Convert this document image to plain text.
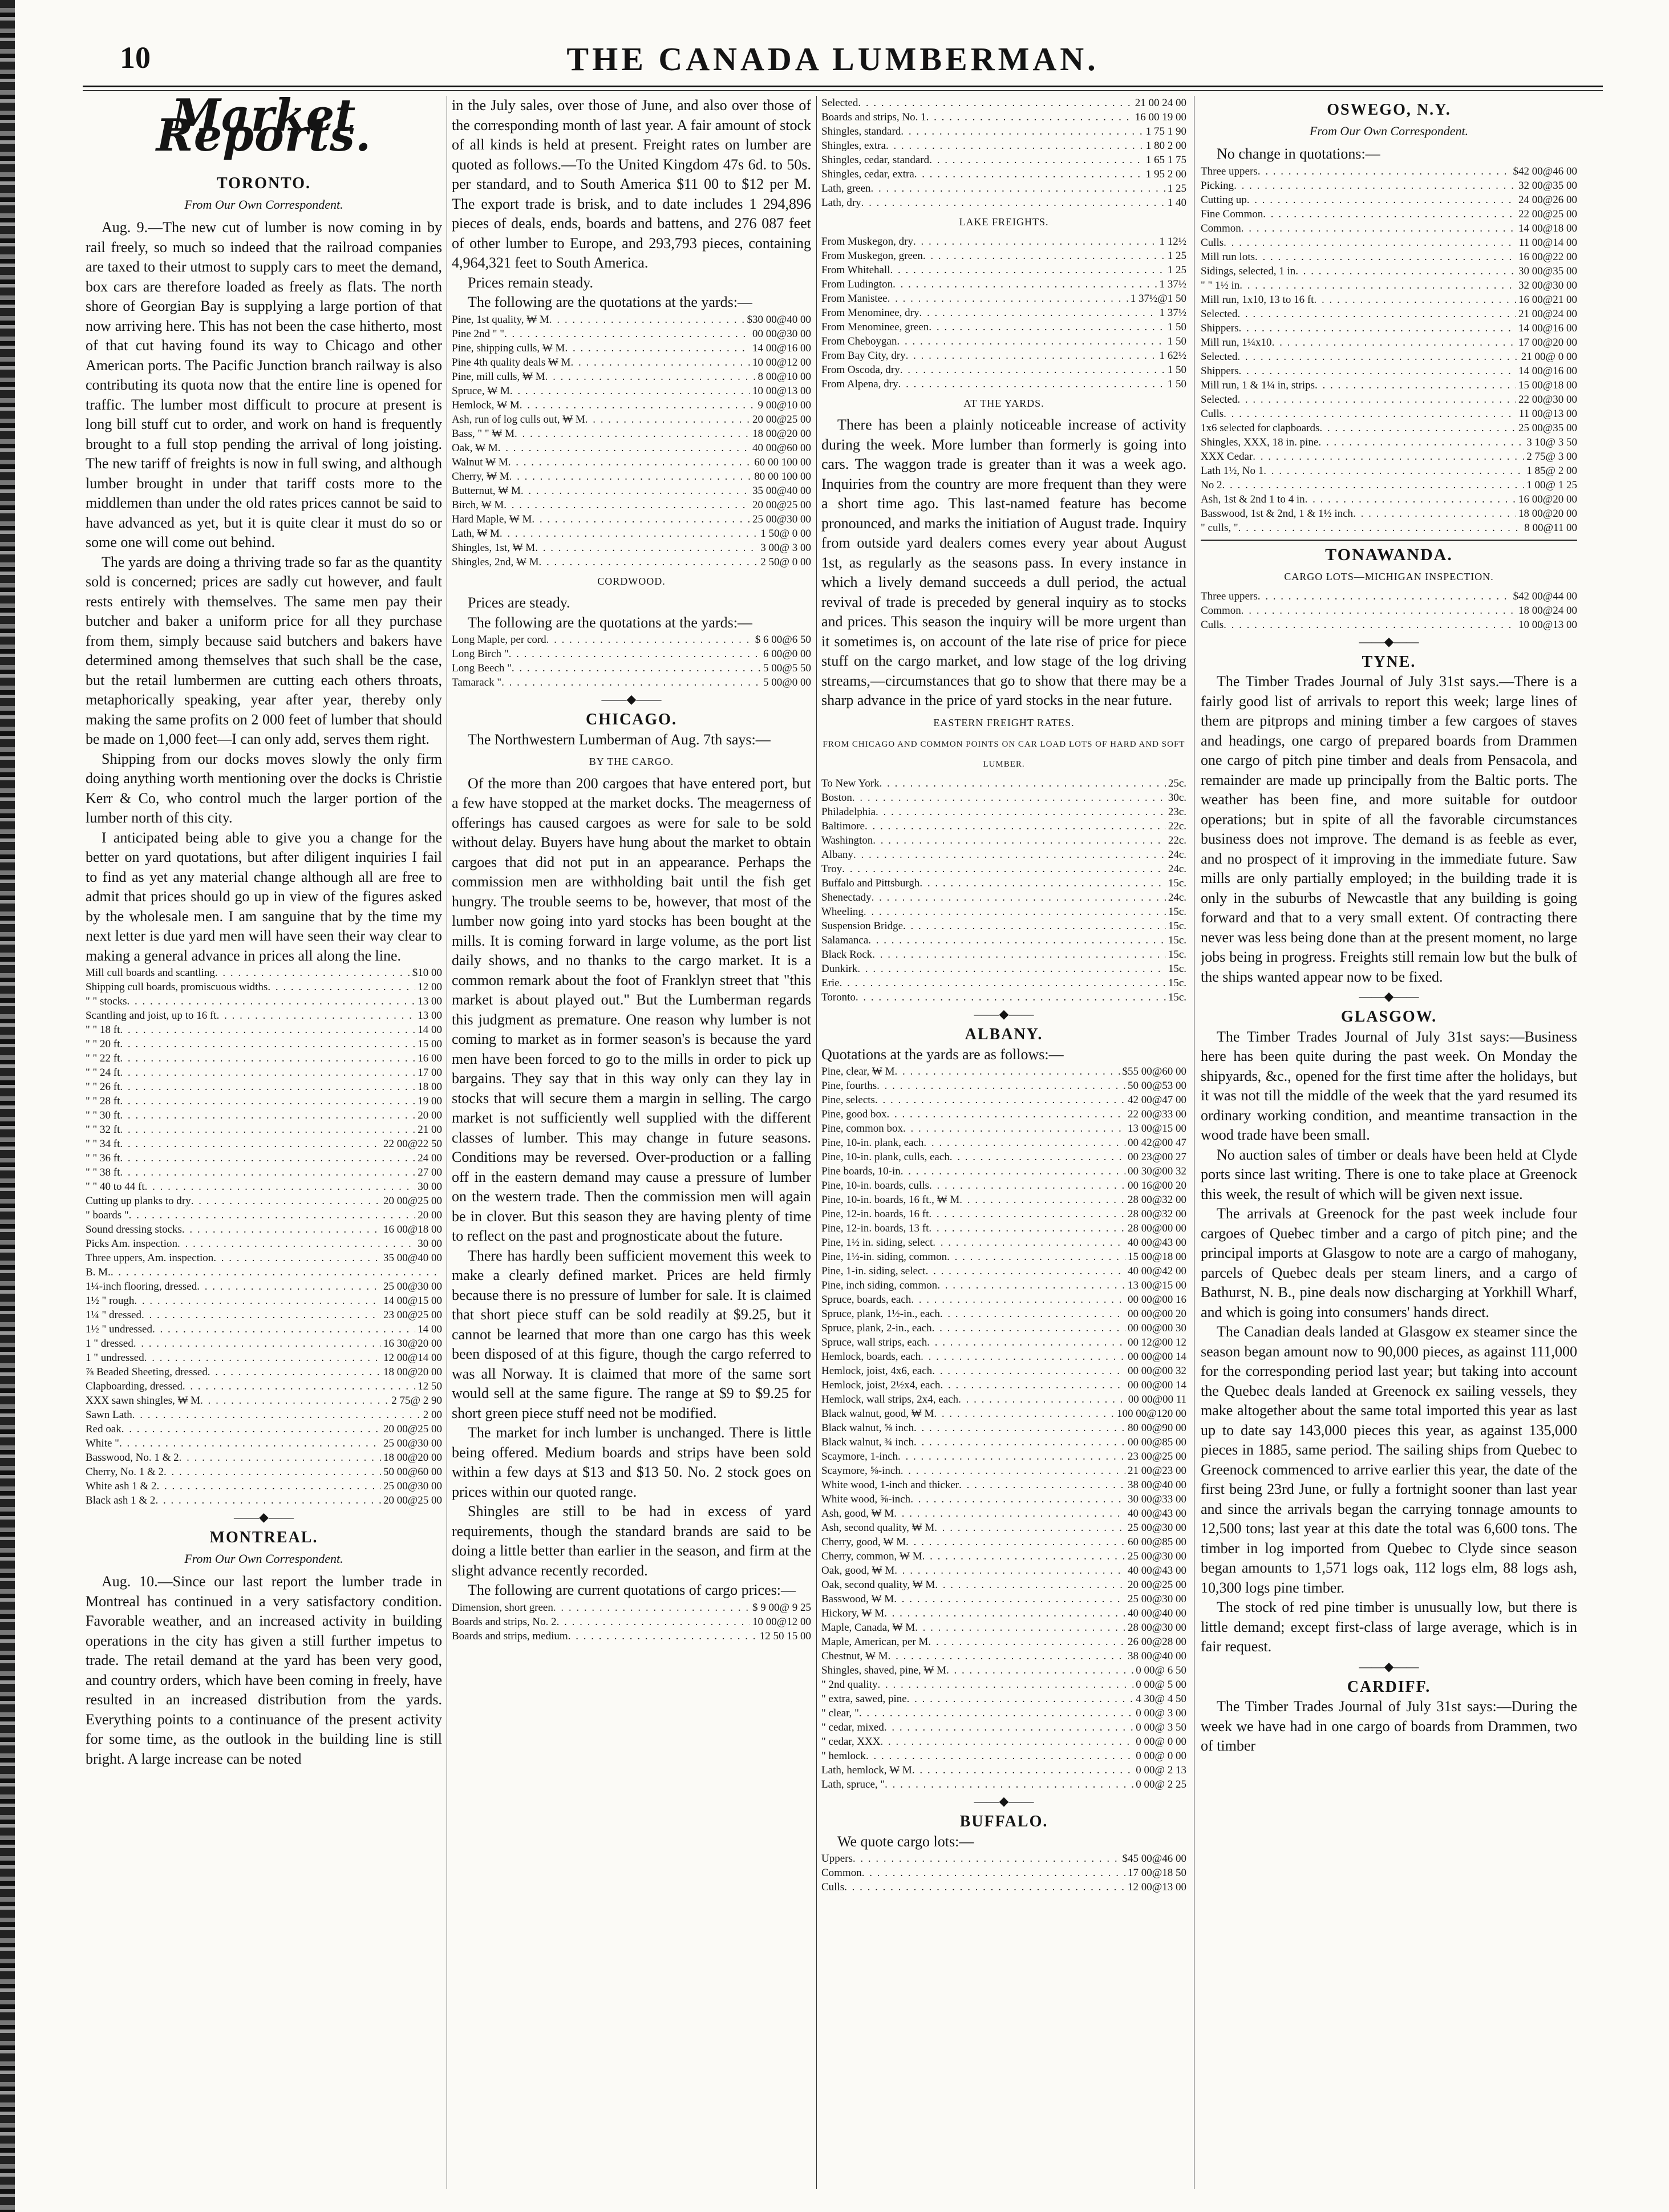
THE CANADA LUMBERMAN.
10
Market Reports.
TORONTO.
From Our Own Correspondent.

Aug. 9.—The new cut of lumber is now coming in by rail freely, so much so indeed that the railroad companies are taxed to their utmost to supply cars to meet the demand, box cars are therefore loaded as freely as flats. The north shore of Georgian Bay is supplying a large portion of that now arriving here. This has not been the case hitherto, most of that cut having found its way to Chicago and other American ports. The Pacific Junction branch railway is also contributing its quota now that the entire line is opened for traffic. The lumber most difficult to procure at present is long bill stuff cut to order, and work on hand is frequently brought to a full stop pending the arrival of long joisting. The new tariff of freights is now in full swing, and although lumber brought in under that tariff costs more to the middlemen than under the old rates prices cannot be said to have advanced as yet, but it is quite clear it must do so or some one will come out behind.

The yards are doing a thriving trade so far as the quantity sold is concerned; prices are sadly cut however, and fault rests entirely with themselves. The same men pay their butcher and baker a uniform price for all they purchase from them, simply because said butchers and bakers have determined among themselves that such shall be the case, but the retail lumbermen are cutting each others throats, metaphorically speaking, year after year, thereby only making the same profits on 2 000 feet of lumber that should be made on 1,000 feet—I can only add, serves them right.

Shipping from our docks moves slowly the only firm doing anything worth mentioning over the docks is Christie Kerr & Co, who control much the larger portion of the lumber north of this city.

I anticipated being able to give you a change for the better on yard quotations, but after diligent inquiries I fail to find as yet any material change although all are free to admit that prices should go up in view of the figures asked by the wholesale men. I am sanguine that by the time my next letter is due yard men will have seen their way clear to making a general advance in prices all along the line.

Mill cull boards and scantling . . .	$10 00
Shipping cull boards, promiscuous widths . . .	12 00
" " stocks . . .	13 00
Scantling and joist, up to 16 ft . . .	13 00
" " 18 ft . . .	14 00
" " 20 ft . . .	15 00
" " 22 ft . . .	16 00
" " 24 ft . . .	17 00
" " 26 ft . . .	18 00
" " 28 ft . . .	19 00
" " 30 ft . . .	20 00
" " 32 ft . . .	21 00
" " 34 ft . . .	22 00@22 50
" " 36 ft . . .	24 00
" " 38 ft . . .	27 00
" " 40 to 44 ft . . .	30 00
Cutting up planks to dry . . .	20 00@25 00
" boards " . . .	20 00
Sound dressing stocks . . .	16 00@18 00
Picks Am. inspection . . .	30 00
Three uppers, Am. inspection . . .	35 00@40 00
B. M.
. . .
1¼-inch flooring, dressed . . .	25 00@30 00
1½ " rough . . .	14 00@15 00
1¼ " dressed . . .	23 00@25 00
1½ " undressed . . .	14 00
1 " dressed . . .	16 30@20 00
1 " undressed . . .	12 00@14 00
⅞ Beaded Sheeting, dressed . . .	18 00@20 00
Clapboarding, dressed . . .	12 50
XXX sawn shingles, ₩ M . . .	2 75@ 2 90
Sawn Lath . . .	2 00
Red oak . . .	20 00@25 00
White " . . .	25 00@30 00
Basswood, No. 1 & 2 . . .	18 00@20 00
Cherry, No. 1 & 2 . . .	50 00@60 00
White ash 1 & 2 . . .	25 00@30 00
Black ash 1 & 2 . . .	20 00@25 00
——◆——
MONTREAL.
From Our Own Correspondent.

Aug. 10.—Since our last report the lumber trade in Montreal has continued in a very satisfactory condition. Favorable weather, and an increased activity in building operations in the city has given a still further impetus to trade. The retail demand at the yard has been very good, and country orders, which have been coming in freely, have resulted in an increased distribution from the yards. Everything points to a continuance of the present activity for some time, as the outlook in the building line is still bright. A large increase can be noted

in the July sales, over those of June, and also over those of the corresponding month of last year. A fair amount of stock of all kinds is held at present. Freight rates on lumber are quoted as follows.—To the United Kingdom 47s 6d. to 50s. per standard, and to South America $11 00 to $12 per M. The export trade is brisk, and to date includes 1 294,896 pieces of deals, ends, boards and battens, and 276 087 feet of other lumber to Europe, and 293,793 pieces, containing 4,964,321 feet to South America.

Prices remain steady.

The following are the quotations at the yards:—

Pine, 1st quality, ₩ M . . .	$30 00@40 00
Pine 2nd " " . . .	00 00@30 00
Pine, shipping culls, ₩ M . . .	14 00@16 00
Pine 4th quality deals ₩ M . . .	10 00@12 00
Pine, mill culls, ₩ M . . .	8 00@10 00
Spruce, ₩ M . . .	10 00@13 00
Hemlock, ₩ M . . .	9 00@10 00
Ash, run of log culls out, ₩ M . . .	20 00@25 00
Bass, " " ₩ M . . .	18 00@20 00
Oak, ₩ M . . .	40 00@60 00
Walnut ₩ M . . .	60 00 100 00
Cherry, ₩ M . . .	80 00 100 00
Butternut, ₩ M . . .	35 00@40 00
Birch, ₩ M . . .	20 00@25 00
Hard Maple, ₩ M . . .	25 00@30 00
Lath, ₩ M . . .	1 50@ 0 00
Shingles, 1st, ₩ M . . .	3 00@ 3 00
Shingles, 2nd, ₩ M . . .	2 50@ 0 00
CORDWOOD.

Prices are steady.

The following are the quotations at the yards:—

Long Maple, per cord . . .	$ 6 00@6 50
Long Birch " . . .	6 00@0 00
Long Beech " . . .	5 00@5 50
Tamarack " . . .	5 00@0 00
——◆——
CHICAGO.

The Northwestern Lumberman of Aug. 7th says:—

BY THE CARGO.

Of the more than 200 cargoes that have entered port, but a few have stopped at the market docks. The meagerness of offerings has caused cargoes as were for sale to be sold without delay. Buyers have hung about the market to obtain cargoes that did not put in an appearance. Perhaps the commission men are withholding bait until the fish get hungry. The trouble seems to be, however, that most of the lumber now going into yard stocks has been bought at the mills. It is coming forward in large volume, as the port list daily shows, and no thanks to the cargo market. It is a common remark about the foot of Franklyn street that "this market is about played out." But the Lumberman regards this judgment as premature. One reason why lumber is not coming to market as in former season's is because the yard men have been forced to go to the mills in order to pick up bargains. They say that in this way only can they lay in stocks that will secure them a margin in selling. The cargo market is not sufficiently well supplied with the different classes of lumber. This may change in future seasons. Conditions may be reversed. Over-production or a falling off in the eastern demand may cause a pressure of lumber on the western trade. Then the commission men will again be in clover. But this season they are having plenty of time to reflect on the past and prognosticate about the future.

There has hardly been sufficient movement this week to make a clearly defined market. Prices are held firmly because there is no pressure of lumber for sale. It is claimed that short piece stuff can be sold readily at $9.25, but it cannot be learned that more than one cargo has this week been disposed of at this figure, though the cargo referred to was all Norway. It is claimed that more of the same sort would sell at the same figure. The range at $9 to $9.25 for short green piece stuff need not be modified.

The market for inch lumber is unchanged. There is little being offered. Medium boards and strips have been sold within a few days at $13 and $13 50. No. 2 stock goes on prices within our quoted range.

Shingles are still to be had in excess of yard requirements, though the standard brands are said to be doing a little better than earlier in the season, and firm at the slight advance recently recorded.

The following are current quotations of cargo prices:—

Dimension, short green . . .	$ 9 00@ 9 25
Boards and strips, No. 2 . . .	10 00@12 00
Boards and strips, medium . . .	12 50 15 00
Selected . . .	21 00 24 00
Boards and strips, No. 1 . . .	16 00 19 00
Shingles, standard . . .	1 75 1 90
Shingles, extra . . .	1 80 2 00
Shingles, cedar, standard . . .	1 65 1 75
Shingles, cedar, extra . . .	1 95 2 00
Lath, green . . .	1 25
Lath, dry . . .	1 40
LAKE FREIGHTS.
From Muskegon, dry . . .	1 12½
From Muskegon, green . . .	1 25
From Whitehall . . .	1 25
From Ludington . . .	1 37½
From Manistee . . .	1 37½@1 50
From Menominee, dry . . .	1 37½
From Menominee, green . . .	1 50
From Cheboygan . . .	1 50
From Bay City, dry . . .	1 62½
From Oscoda, dry . . .	1 50
From Alpena, dry . . .	1 50
AT THE YARDS.

There has been a plainly noticeable increase of activity during the week. More lumber than formerly is going into cars. The waggon trade is greater than it was a week ago. Inquiries from the country are more frequent than they were a short time ago. This last-named feature has become pronounced, and marks the initiation of August trade. Inquiry from outside yard dealers comes every year about August 1st, as regularly as the seasons pass. In every instance in which a lively demand succeeds a dull period, the actual revival of trade is preceded by general inquiry as to stocks and prices. This season the inquiry will be more urgent than it sometimes is, on account of the late rise of price for piece stuff on the cargo market, and low stage of the log driving streams,—circumstances that go to show that there may be a sharp advance in the price of yard stocks in the near future.

EASTERN FREIGHT RATES.
FROM CHICAGO AND COMMON POINTS ON CAR LOAD LOTS OF HARD AND SOFT LUMBER.
To New York . . .	25c.
Boston . . .	30c.
Philadelphia . . .	23c.
Baltimore . . .	22c.
Washington . . .	22c.
Albany . . .	24c.
Troy . . .	24c.
Buffalo and Pittsburgh . . .	15c.
Shenectady . . .	24c.
Wheeling . . .	15c.
Suspension Bridge . . .	15c.
Salamanca . . .	15c.
Black Rock . . .	15c.
Dunkirk . . .	15c.
Erie . . .	15c.
Toronto . . .	15c.
——◆——
ALBANY.

Quotations at the yards are as follows:—

Pine, clear, ₩ M . . .	$55 00@60 00
Pine, fourths . . .	50 00@53 00
Pine, selects . . .	42 00@47 00
Pine, good box . . .	22 00@33 00
Pine, common box . . .	13 00@15 00
Pine, 10-in. plank, each . . .	00 42@00 47
Pine, 10-in. plank, culls, each . . .	00 23@00 27
Pine boards, 10-in . . .	00 30@00 32
Pine, 10-in. boards, culls . . .	00 16@00 20
Pine, 10-in. boards, 16 ft., ₩ M . . .	28 00@32 00
Pine, 12-in. boards, 16 ft . . .	28 00@32 00
Pine, 12-in. boards, 13 ft . . .	28 00@00 00
Pine, 1½ in. siding, select . . .	40 00@43 00
Pine, 1½-in. siding, common . . .	15 00@18 00
Pine, 1-in. siding, select . . .	40 00@42 00
Pine, inch siding, common . . .	13 00@15 00
Spruce, boards, each . . .	00 00@00 16
Spruce, plank, 1½-in., each . . .	00 00@00 20
Spruce, plank, 2-in., each . . .	00 00@00 30
Spruce, wall strips, each . . .	00 12@00 12
Hemlock, boards, each . . .	00 00@00 14
Hemlock, joist, 4x6, each . . .	00 00@00 32
Hemlock, joist, 2½x4, each . . .	00 00@00 14
Hemlock, wall strips, 2x4, each . . .	00 00@00 11
Black walnut, good, ₩ M . . .	100 00@120 00
Black walnut, ⅝ inch . . .	80 00@90 00
Black walnut, ¾ inch . . .	00 00@85 00
Scaymore, 1-inch . . .	23 00@25 00
Scaymore, ⅝-inch . . .	21 00@23 00
White wood, 1-inch and thicker . . .	38 00@40 00
White wood, ⅝-inch . . .	30 00@33 00
Ash, good, ₩ M . . .	40 00@43 00
Ash, second quality, ₩ M . . .	25 00@30 00
Cherry, good, ₩ M . . .	60 00@85 00
Cherry, common, ₩ M . . .	25 00@30 00
Oak, good, ₩ M . . .	40 00@43 00
Oak, second quality, ₩ M . . .	20 00@25 00
Basswood, ₩ M . . .	25 00@30 00
Hickory, ₩ M . . .	40 00@40 00
Maple, Canada, ₩ M . . .	28 00@30 00
Maple, American, per M . . .	26 00@28 00
Chestnut, ₩ M . . .	38 00@40 00
Shingles, shaved, pine, ₩ M . . .	0 00@ 6 50
" 2nd quality . . .	0 00@ 5 00
" extra, sawed, pine . . .	4 30@ 4 50
" clear, " . . .	0 00@ 3 00
" cedar, mixed . . .	0 00@ 3 50
" cedar, XXX . . .	0 00@ 0 00
" hemlock . . .	0 00@ 0 00
Lath, hemlock, ₩ M . . .	0 00@ 2 13
Lath, spruce, " . . .	0 00@ 2 25
——◆——
BUFFALO.

We quote cargo lots:—

Uppers . . .	$45 00@46 00
Common . . .	17 00@18 50
Culls . . .	12 00@13 00
OSWEGO, N.Y.
From Our Own Correspondent.

No change in quotations:—

Three uppers . . .	$42 00@46 00
Picking . . .	32 00@35 00
Cutting up . . .	24 00@26 00
Fine Common . . .	22 00@25 00
Common . . .	14 00@18 00
Culls . . .	11 00@14 00
Mill run lots . . .	16 00@22 00
Sidings, selected, 1 in . . .	30 00@35 00
" " 1½ in . . .	32 00@30 00
Mill run, 1x10, 13 to 16 ft . . .	16 00@21 00
Selected . . .	21 00@24 00
Shippers . . .	14 00@16 00
Mill run, 1¼x10 . . .	17 00@20 00
Selected . . .	21 00@ 0 00
Shippers . . .	14 00@16 00
Mill run, 1 & 1¼ in, strips . . .	15 00@18 00
Selected . . .	22 00@30 00
Culls . . .	11 00@13 00
1x6 selected for clapboards . . .	25 00@35 00
Shingles, XXX, 18 in. pine . . .	3 10@ 3 50
XXX Cedar . . .	2 75@ 3 00
Lath 1½, No 1 . . .	1 85@ 2 00
No 2 . . .	1 00@ 1 25
Ash, 1st & 2nd 1 to 4 in . . .	16 00@20 00
Basswood, 1st & 2nd, 1 & 1½ inch . . .	18 00@20 00
" culls, " . . .	8 00@11 00
TONAWANDA.
CARGO LOTS—MICHIGAN INSPECTION.
Three uppers . . .	$42 00@44 00
Common . . .	18 00@24 00
Culls . . .	10 00@13 00
——◆——
TYNE.

The Timber Trades Journal of July 31st says.—There is a fairly good list of arrivals to report this week; large lines of them are pitprops and mining timber a few cargoes of staves and headings, one cargo of prepared boards from Drammen one cargo of pitch pine timber and deals from Pensacola, and remainder are made up principally from the Baltic ports. The weather has been fine, and more suitable for outdoor operations; but in spite of all the favorable circumstances business does not improve. The demand is as feeble as ever, and no prospect of it improving in the immediate future. Saw mills are only partially employed; in the building trade it is only in the suburbs of Newcastle that any building is going forward and that to a very small extent. Of contracting there never was less being done than at the present moment, no large jobs being in progress. Freights still remain low but the bulk of the ships wanted appear now to be fixed.

——◆——
GLASGOW.

The Timber Trades Journal of July 31st says:—Business here has been quite during the past week. On Monday the shipyards, &c., opened for the first time after the holidays, but it was not till the middle of the week that the yard resumed its ordinary working condition, and meantime transaction in the wood trade have been small.

No auction sales of timber or deals have been held at Clyde ports since last writing. There is one to take place at Greenock this week, the result of which will be given next issue.

The arrivals at Greenock for the past week include four cargoes of Quebec timber and a cargo of pitch pine; and the principal imports at Glasgow to note are a cargo of mahogany, parcels of Quebec deals per steam liners, and a cargo of Bathurst, N. B., pine deals now discharging at Yorkhill Wharf, and which is going into consumers' hands direct.

The Canadian deals landed at Glasgow ex steamer since the season began amount now to 90,000 pieces, as against 111,000 for the corresponding period last year; but taking into account the Quebec deals landed at Greenock ex sailing vessels, they make altogether about the same total imported this year as last up to date say 143,000 pieces this year, as against 135,000 pieces in 1885, same period. The sailing ships from Quebec to Greenock commenced to arrive earlier this year, the date of the first being 23rd June, or fully a fortnight sooner than last year and since the arrivals began the carrying tonnage amounts to 12,500 tons; last year at this date the total was 6,600 tons. The timber in log imported from Quebec to Clyde since season began amounts to 1,571 logs oak, 112 logs elm, 88 logs ash, 10,300 logs pine timber.

The stock of red pine timber is unusually low, but there is little demand; except first-class of large average, which is in fair request.

——◆——
CARDIFF.

The Timber Trades Journal of July 31st says:—During the week we have had in one cargo of boards from Drammen, two of timber
